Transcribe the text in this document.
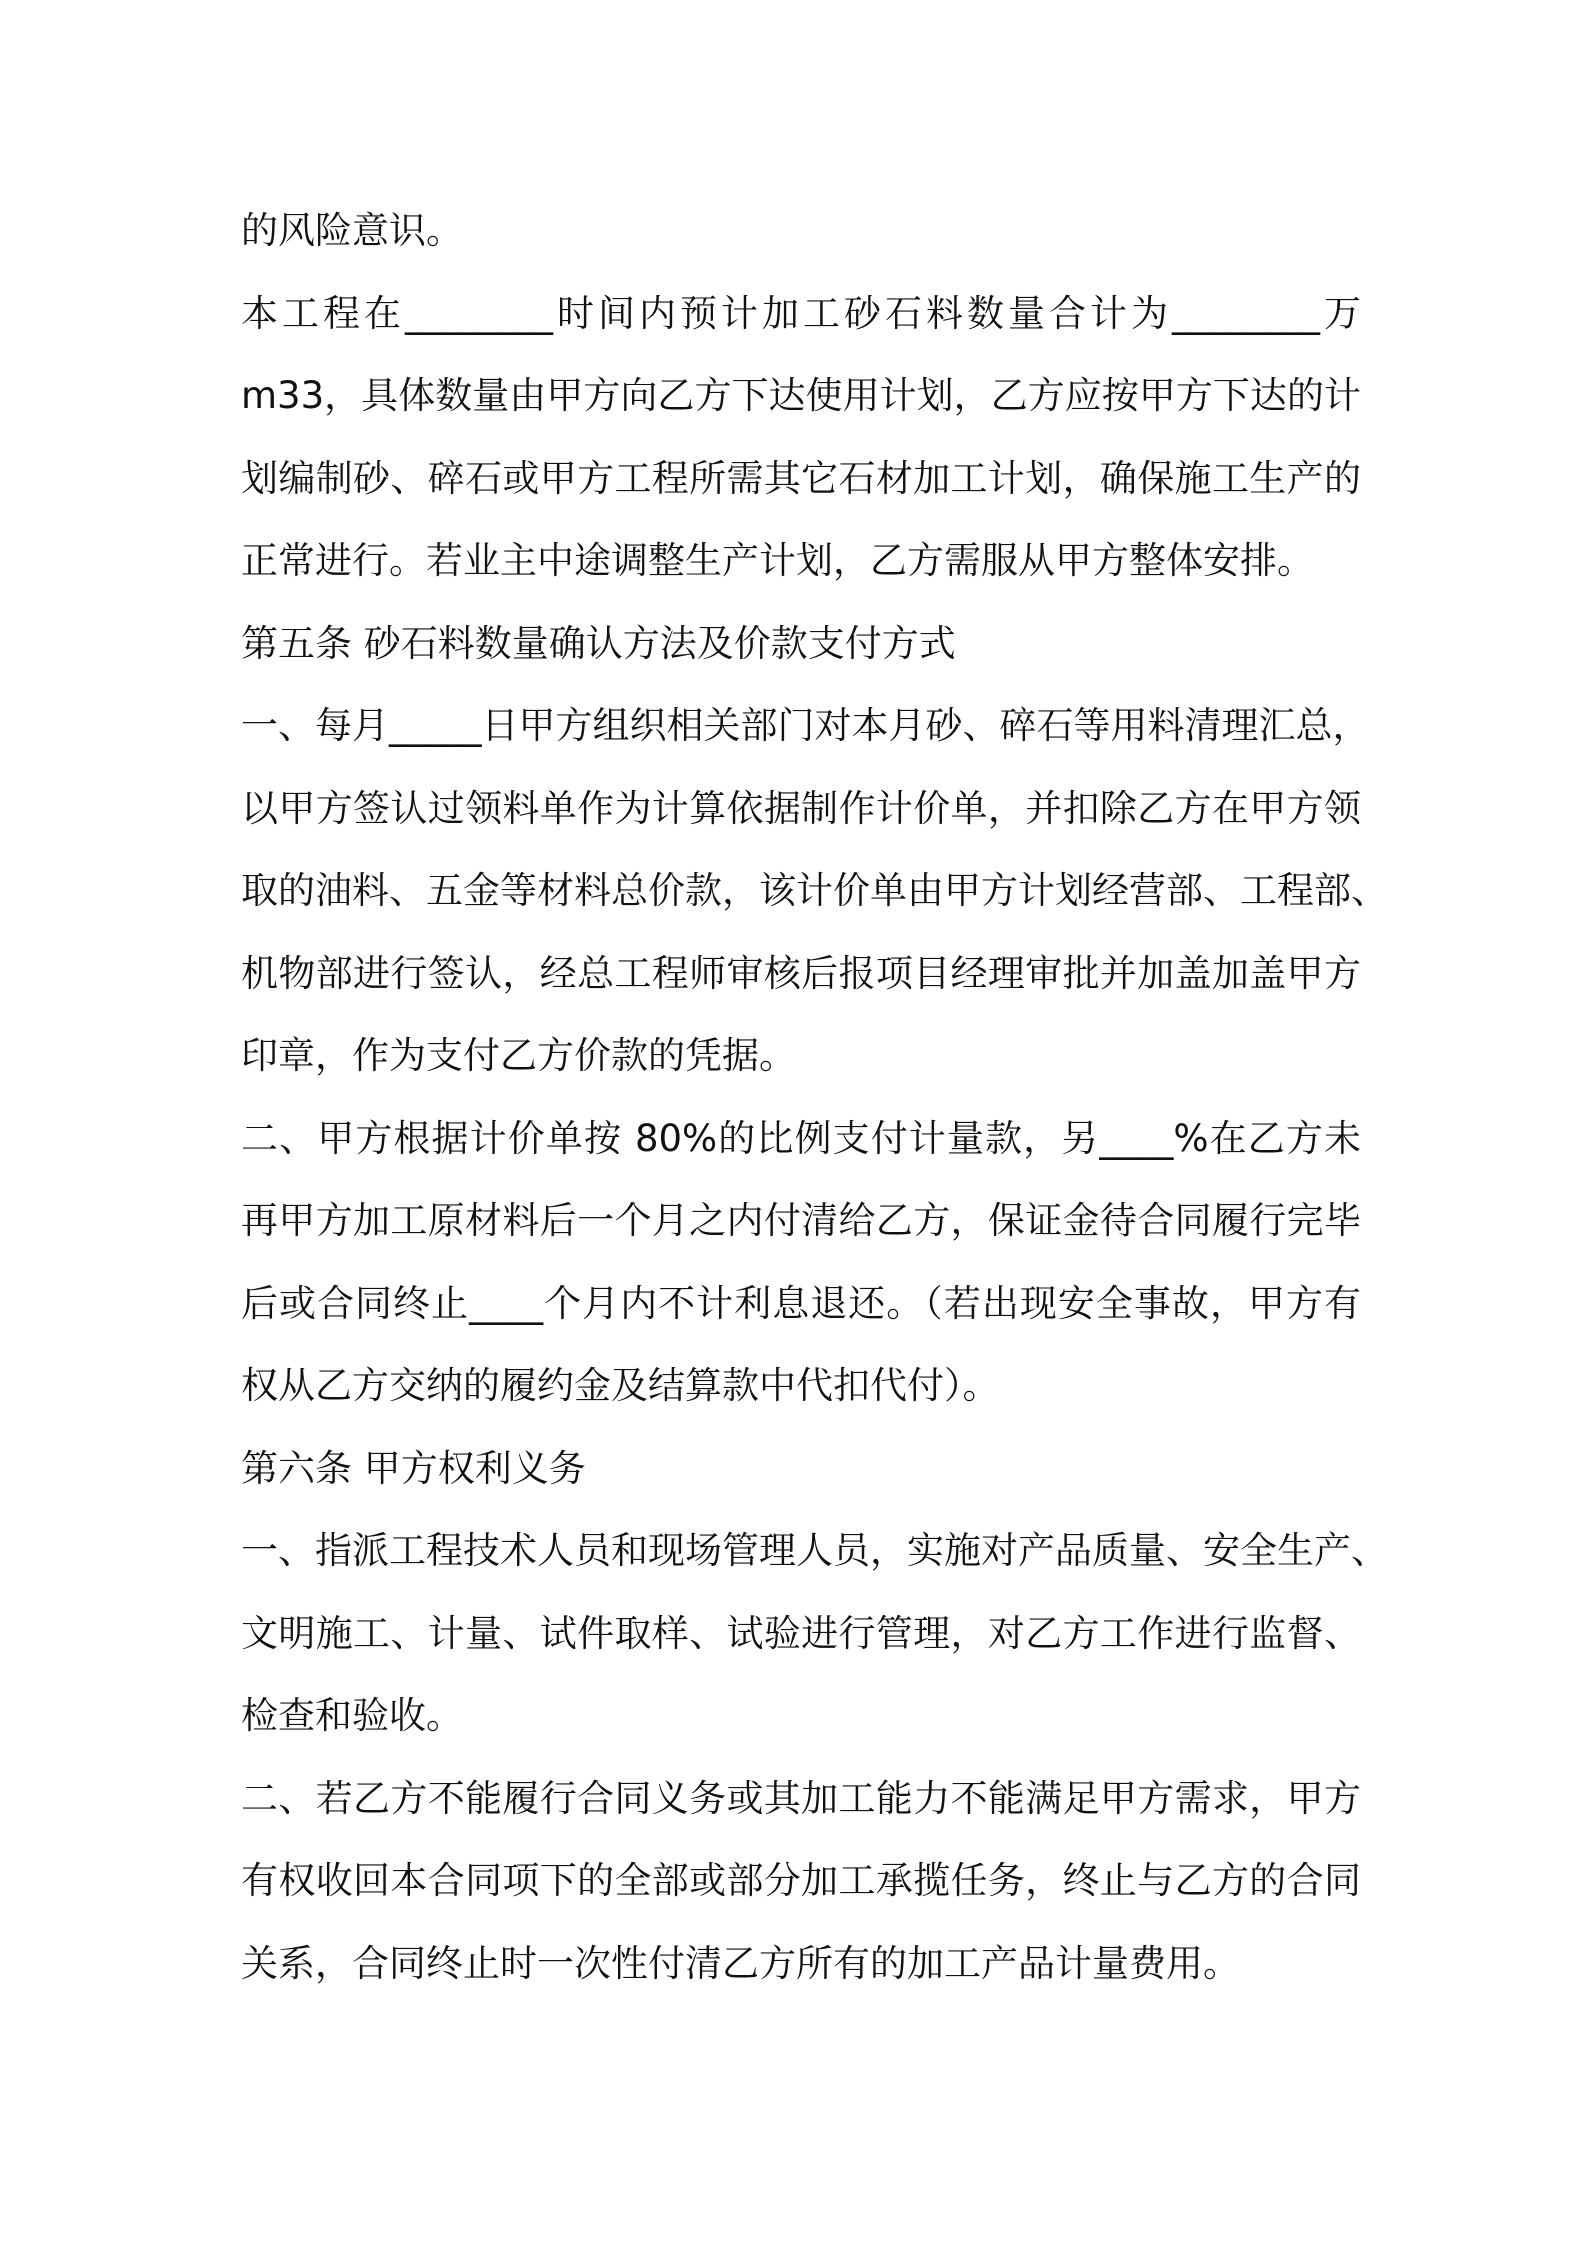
的风险意识。
本工程在________时间内预计加工砂石料数量合计为________万
m33，具体数量由甲方向乙方下达使用计划，乙方应按甲方下达的计
划编制砂、碎石或甲方工程所需其它石材加工计划，确保施工生产的
正常进行。若业主中途调整生产计划，乙方需服从甲方整体安排。
第五条 砂石料数量确认方法及价款支付方式
一、每月_____日甲方组织相关部门对本月砂、碎石等用料清理汇总，
以甲方签认过领料单作为计算依据制作计价单，并扣除乙方在甲方领
取的油料、五金等材料总价款，该计价单由甲方计划经营部、工程部、
机物部进行签认，经总工程师审核后报项目经理审批并加盖加盖甲方
印章，作为支付乙方价款的凭据。
二、甲方根据计价单按 80%的比例支付计量款，另____%在乙方未
再甲方加工原材料后一个月之内付清给乙方，保证金待合同履行完毕
后或合同终止____个月内不计利息退还。（若出现安全事故，甲方有
权从乙方交纳的履约金及结算款中代扣代付）。
第六条 甲方权利义务
一、指派工程技术人员和现场管理人员，实施对产品质量、安全生产、
文明施工、计量、试件取样、试验进行管理，对乙方工作进行监督、
检查和验收。
二、若乙方不能履行合同义务或其加工能力不能满足甲方需求，甲方
有权收回本合同项下的全部或部分加工承揽任务，终止与乙方的合同
关系，合同终止时一次性付清乙方所有的加工产品计量费用。
